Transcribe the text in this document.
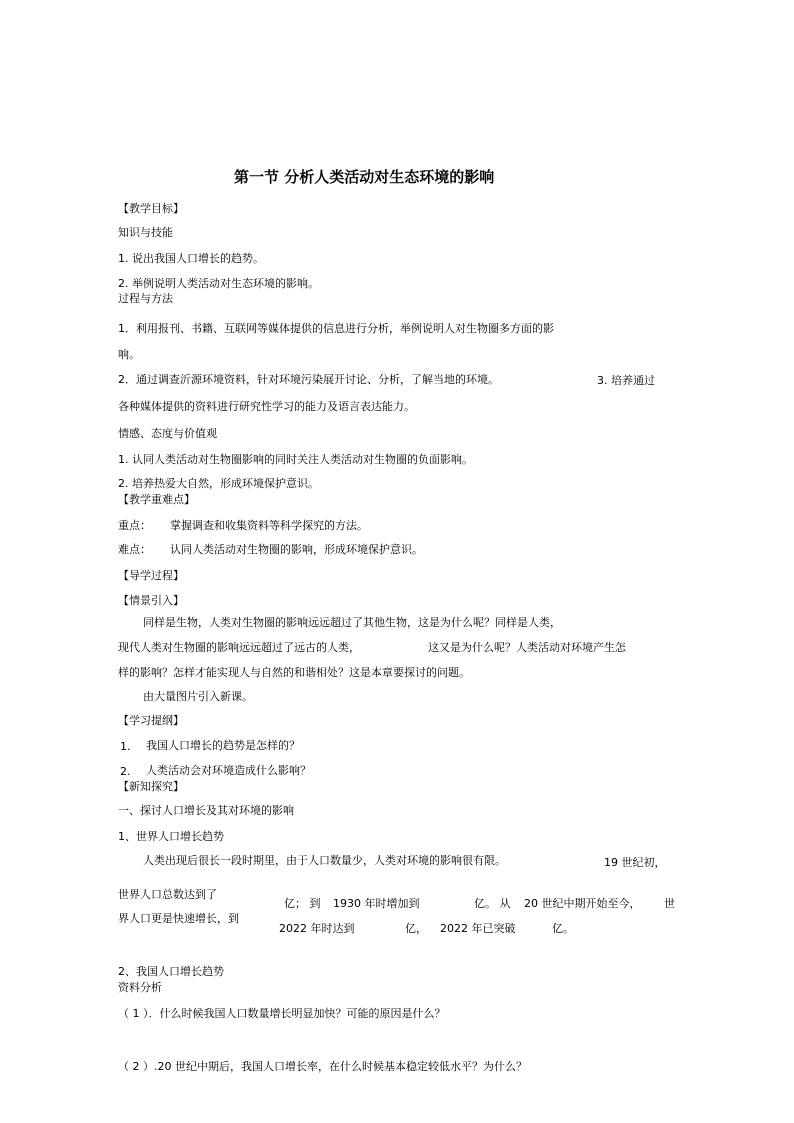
第一节 分析人类活动对生态环境的影响
【教学目标】
知识与技能
1. 说出我国人口增长的趋势。
2. 举例说明人类活动对生态环境的影响。
过程与方法
1．利用报刊、书籍、互联网等媒体提供的信息进行分析，举例说明人对生物圈多方面的影
响。
2．通过调查沂源环境资料，针对环境污染展开讨论、分析，了解当地的环境。	3. 培养通过
各种媒体提供的资料进行研究性学习的能力及语言表达能力。
情感、态度与价值观
1. 认同人类活动对生物圈影响的同时关注人类活动对生物圈的负面影响。
2. 培养热爱大自然，形成环境保护意识。
【教学重难点】
重点： 掌握调查和收集资料等科学探究的方法。
难点： 认同人类活动对生物圈的影响，形成环境保护意识。
【导学过程】
【情景引入】
同样是生物，人类对生物圈的影响远远超过了其他生物，这是为什么呢？同样是人类，
现代人类对生物圈的影响远远超过了远古的人类，	这又是为什么呢？人类活动对环境产生怎
样的影响？怎样才能实现人与自然的和谐相处？这是本章要探讨的问题。
由大量图片引入新课。
【学习提纲】
1. 我国人口增长的趋势是怎样的？
2. 人类活动会对环境造成什么影响？
【新知探究】
一、探讨人口增长及其对环境的影响
1、世界人口增长趋势
人类出现后很长一段时期里，由于人口数量少，人类对环境的影响很有限。	19 世纪初，
世界人口总数达到了
界人口更是快速增长，到
亿； 到 1930 年时增加到	亿。 从 20 世纪中期开始至今， 世
2022 年时达到	亿， 2022 年已突破	亿。
2、我国人口增长趋势
资料分析
（ 1 ）．什么时候我国人口数量增长明显加快？可能的原因是什么？
（ 2 ）.20 世纪中期后，我国人口增长率，在什么时候基本稳定较低水平？为什么？
